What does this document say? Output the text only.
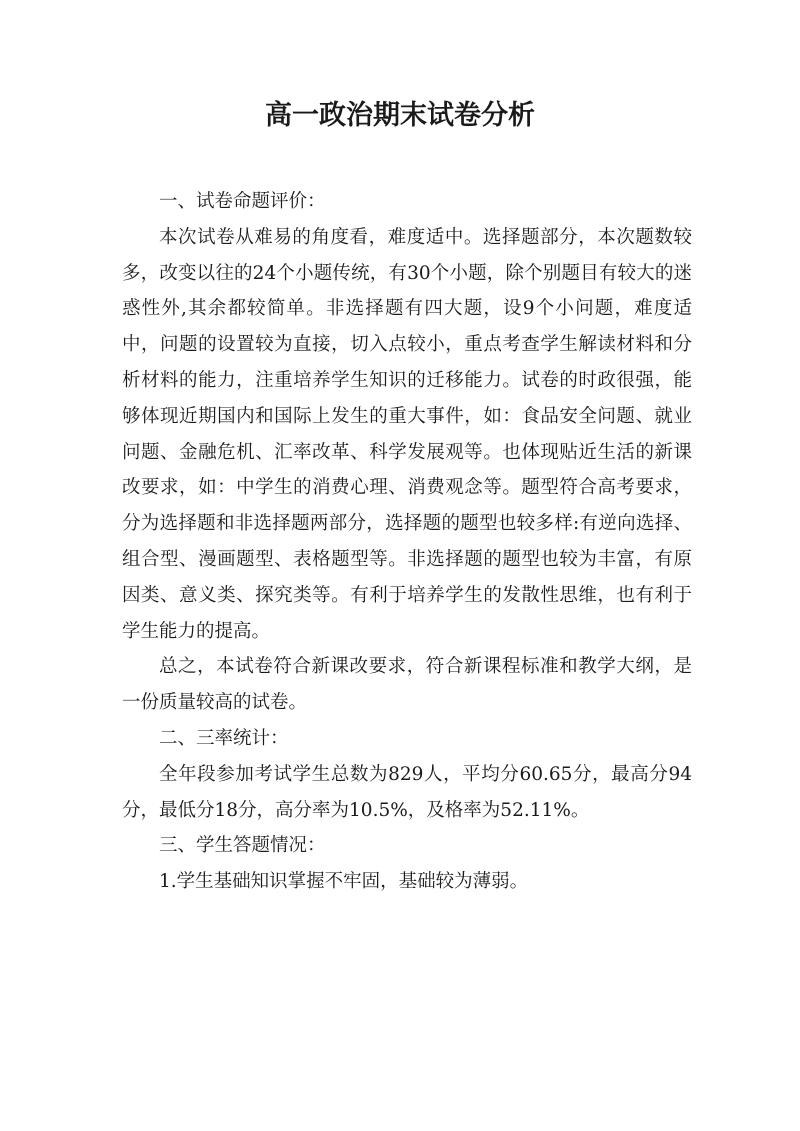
高一政治期末试卷分析

一、试卷命题评价：

本次试卷从难易的角度看，难度适中。选择题部分，本次题数较多，改变以往的24个小题传统，有30个小题，除个别题目有较大的迷惑性外,其余都较简单。非选择题有四大题，设9个小问题，难度适中，问题的设置较为直接，切入点较小，重点考查学生解读材料和分析材料的能力，注重培养学生知识的迁移能力。试卷的时政很强，能够体现近期国内和国际上发生的重大事件，如：食品安全问题、就业问题、金融危机、汇率改革、科学发展观等。也体现贴近生活的新课改要求，如：中学生的消费心理、消费观念等。题型符合高考要求，分为选择题和非选择题两部分，选择题的题型也较多样:有逆向选择、组合型、漫画题型、表格题型等。非选择题的题型也较为丰富，有原因类、意义类、探究类等。有利于培养学生的发散性思维，也有利于学生能力的提高。

总之，本试卷符合新课改要求，符合新课程标准和教学大纲，是一份质量较高的试卷。

二、三率统计：

全年段参加考试学生总数为829人，平均分60.65分，最高分94分，最低分18分，高分率为10.5%，及格率为52.11%。

三、学生答题情况：

1.学生基础知识掌握不牢固，基础较为薄弱。
